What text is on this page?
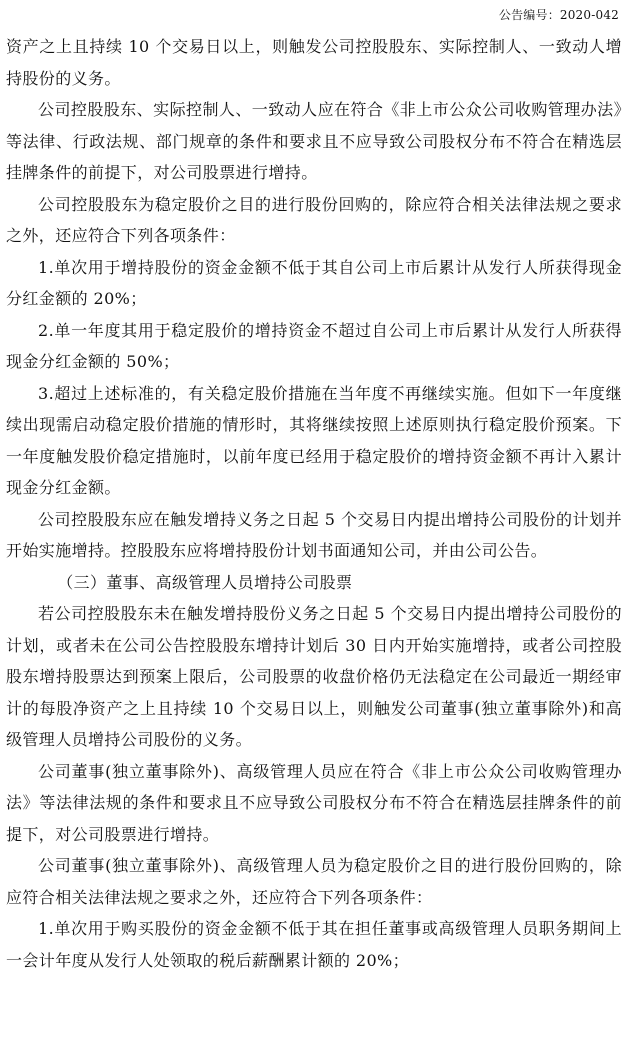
公告编号：2020-042

资产之上且持续 10 个交易日以上，则触发公司控股股东、实际控制人、一致动人增持股份的义务。

公司控股股东、实际控制人、一致动人应在符合《非上市公众公司收购管理办法》等法律、行政法规、部门规章的条件和要求且不应导致公司股权分布不符合在精选层挂牌条件的前提下，对公司股票进行增持。

公司控股股东为稳定股价之目的进行股份回购的，除应符合相关法律法规之要求之外，还应符合下列各项条件：

1.单次用于增持股份的资金金额不低于其自公司上市后累计从发行人所获得现金分红金额的 20%；

2.单一年度其用于稳定股价的增持资金不超过自公司上市后累计从发行人所获得现金分红金额的 50%；

3.超过上述标准的，有关稳定股价措施在当年度不再继续实施。但如下一年度继续出现需启动稳定股价措施的情形时，其将继续按照上述原则执行稳定股价预案。下一年度触发股价稳定措施时，以前年度已经用于稳定股价的增持资金额不再计入累计现金分红金额。

公司控股股东应在触发增持义务之日起 5 个交易日内提出增持公司股份的计划并开始实施增持。控股股东应将增持股份计划书面通知公司，并由公司公告。

（三）董事、高级管理人员增持公司股票

若公司控股股东未在触发增持股份义务之日起 5 个交易日内提出增持公司股份的计划，或者未在公司公告控股股东增持计划后 30 日内开始实施增持，或者公司控股股东增持股票达到预案上限后，公司股票的收盘价格仍无法稳定在公司最近一期经审计的每股净资产之上且持续 10 个交易日以上，则触发公司董事(独立董事除外)和高级管理人员增持公司股份的义务。

公司董事(独立董事除外)、高级管理人员应在符合《非上市公众公司收购管理办法》等法律法规的条件和要求且不应导致公司股权分布不符合在精选层挂牌条件的前提下，对公司股票进行增持。

公司董事(独立董事除外)、高级管理人员为稳定股价之目的进行股份回购的，除应符合相关法律法规之要求之外，还应符合下列各项条件：

1.单次用于购买股份的资金金额不低于其在担任董事或高级管理人员职务期间上一会计年度从发行人处领取的税后薪酬累计额的 20%；
